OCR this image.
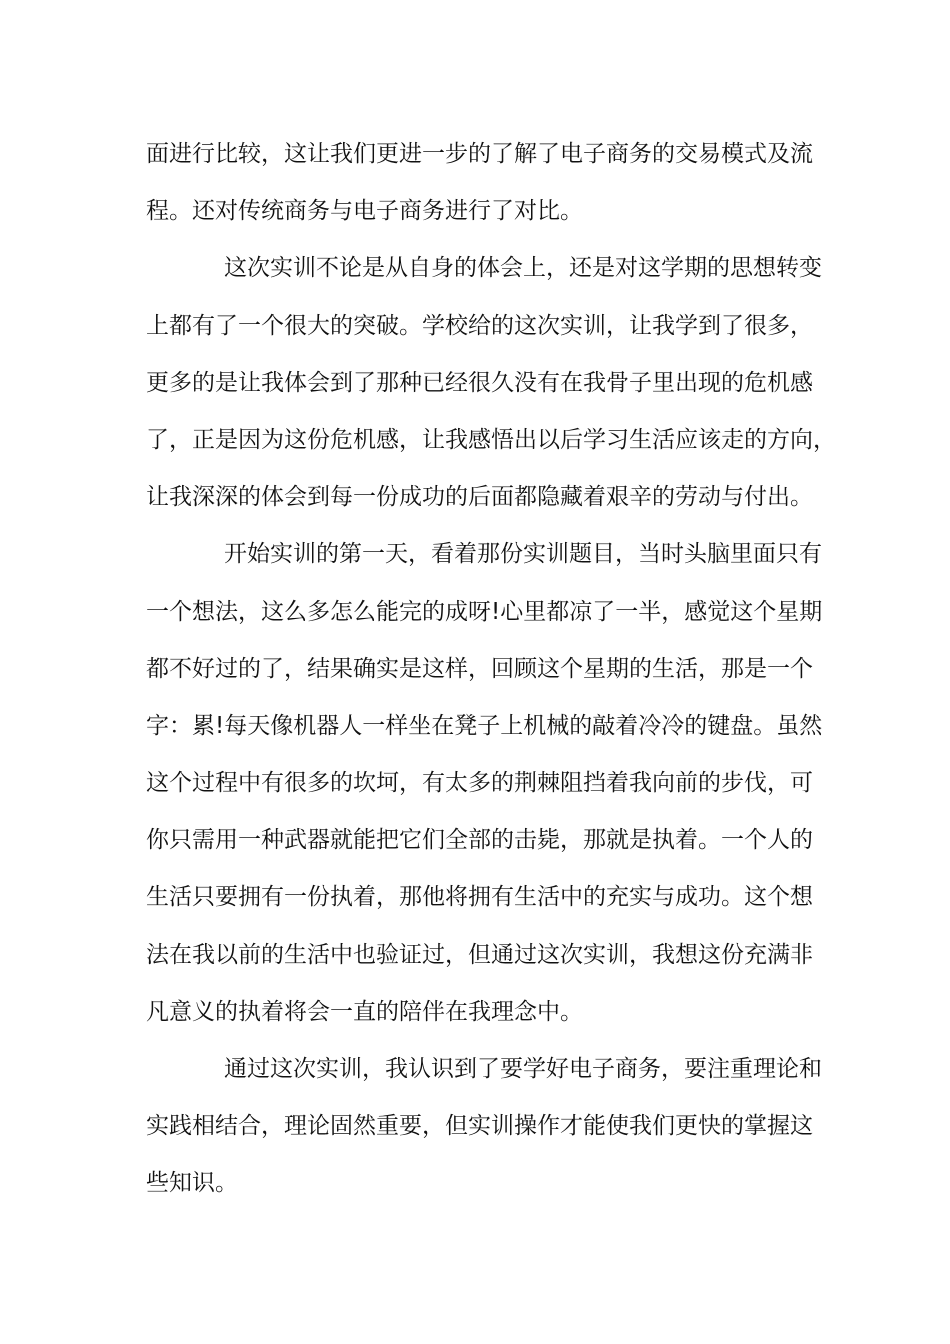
面进行比较，这让我们更进一步的了解了电子商务的交易模式及流
程。还对传统商务与电子商务进行了对比。
这次实训不论是从自身的体会上，还是对这学期的思想转变
上都有了一个很大的突破。学校给的这次实训，让我学到了很多，
更多的是让我体会到了那种已经很久没有在我骨子里出现的危机感
了，正是因为这份危机感，让我感悟出以后学习生活应该走的方向，
让我深深的体会到每一份成功的后面都隐藏着艰辛的劳动与付出。
开始实训的第一天，看着那份实训题目，当时头脑里面只有
一个想法，这么多怎么能完的成呀!心里都凉了一半，感觉这个星期
都不好过的了，结果确实是这样，回顾这个星期的生活，那是一个
字：累!每天像机器人一样坐在凳子上机械的敲着冷冷的键盘。虽然
这个过程中有很多的坎坷，有太多的荆棘阻挡着我向前的步伐，可
你只需用一种武器就能把它们全部的击毙，那就是执着。一个人的
生活只要拥有一份执着，那他将拥有生活中的充实与成功。这个想
法在我以前的生活中也验证过，但通过这次实训，我想这份充满非
凡意义的执着将会一直的陪伴在我理念中。
通过这次实训，我认识到了要学好电子商务，要注重理论和
实践相结合，理论固然重要，但实训操作才能使我们更快的掌握这
些知识。
